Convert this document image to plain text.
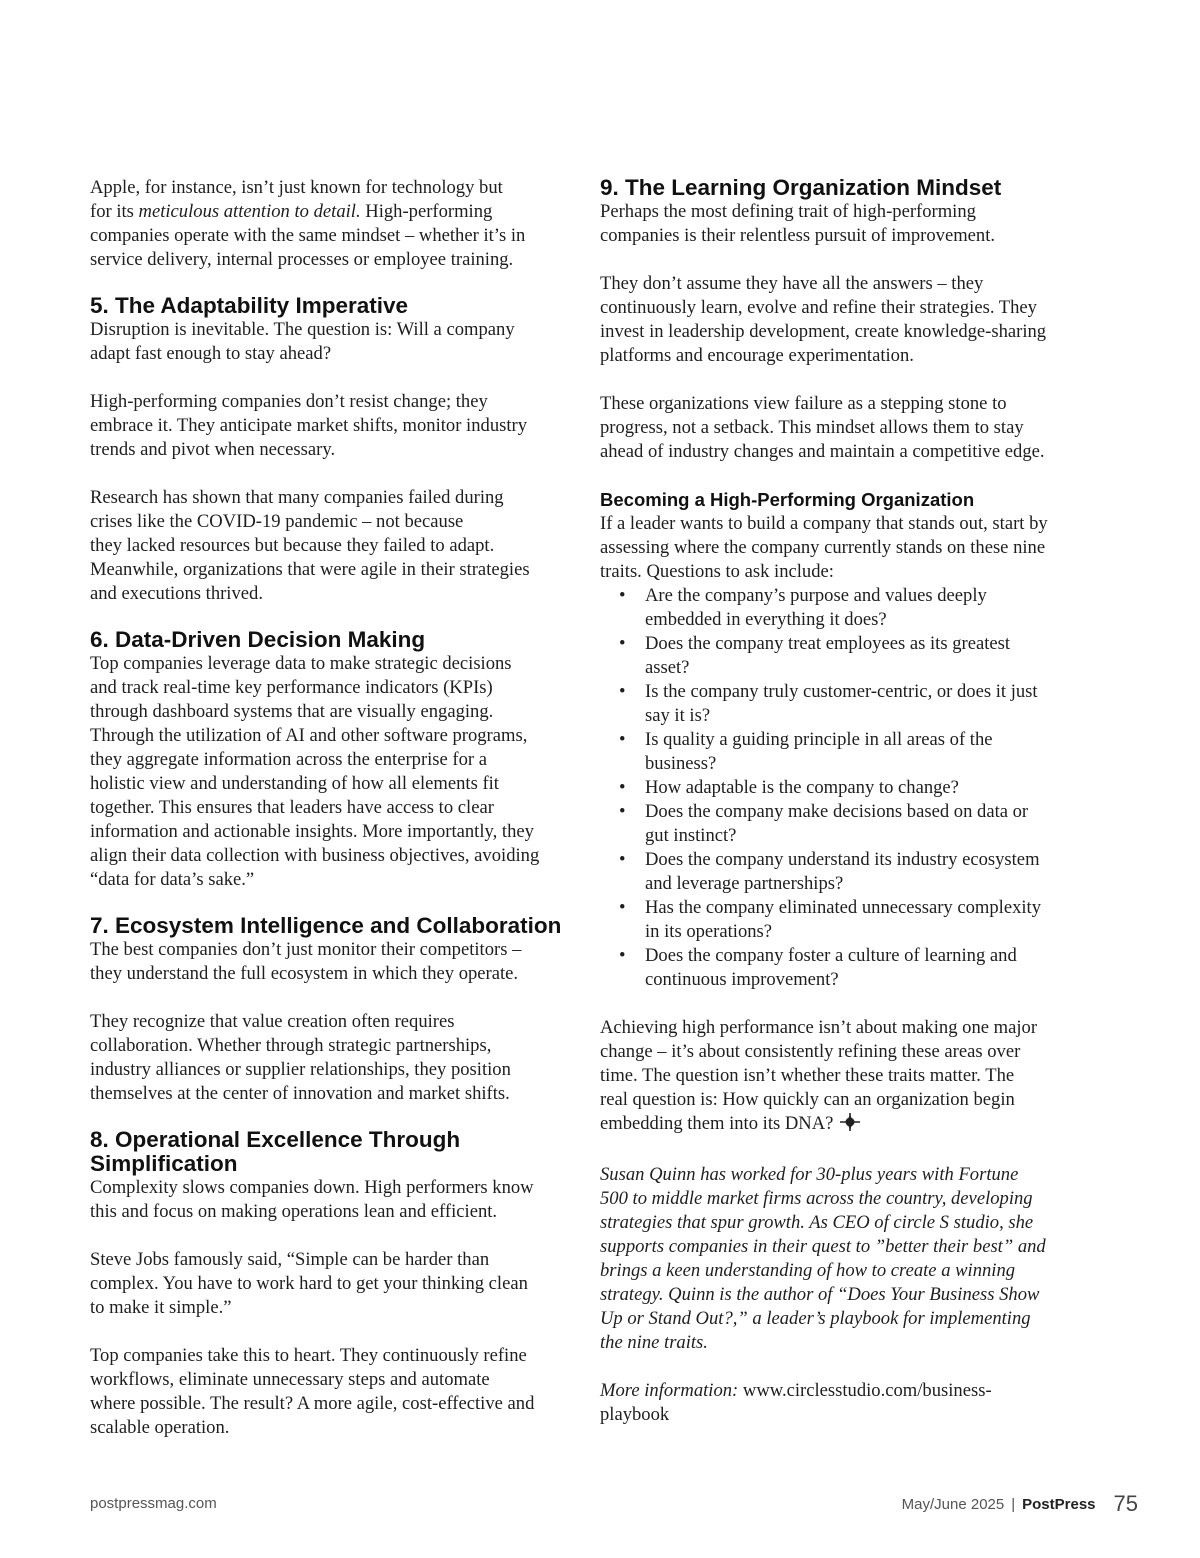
Apple, for instance, isn’t just known for technology but
for its meticulous attention to detail. High-performing
companies operate with the same mindset – whether it’s in
service delivery, internal processes or employee training.

5. The Adaptability Imperative

Disruption is inevitable. The question is: Will a company
adapt fast enough to stay ahead?

High-performing companies don’t resist change; they
embrace it. They anticipate market shifts, monitor industry
trends and pivot when necessary.

Research has shown that many companies failed during
crises like the COVID-19 pandemic – not because
they lacked resources but because they failed to adapt.
Meanwhile, organizations that were agile in their strategies
and executions thrived.

6. Data-Driven Decision Making

Top companies leverage data to make strategic decisions
and track real-time key performance indicators (KPIs)
through dashboard systems that are visually engaging.
Through the utilization of AI and other software programs,
they aggregate information across the enterprise for a
holistic view and understanding of how all elements fit
together. This ensures that leaders have access to clear
information and actionable insights. More importantly, they
align their data collection with business objectives, avoiding
“data for data’s sake.”

7. Ecosystem Intelligence and Collaboration

The best companies don’t just monitor their competitors –
they understand the full ecosystem in which they operate.

They recognize that value creation often requires
collaboration. Whether through strategic partnerships,
industry alliances or supplier relationships, they position
themselves at the center of innovation and market shifts.

8. Operational Excellence Through
Simplification

Complexity slows companies down. High performers know
this and focus on making operations lean and efficient.

Steve Jobs famously said, “Simple can be harder than
complex. You have to work hard to get your thinking clean
to make it simple.”

Top companies take this to heart. They continuously refine
workflows, eliminate unnecessary steps and automate
where possible. The result? A more agile, cost-effective and
scalable operation.

9. The Learning Organization Mindset

Perhaps the most defining trait of high-performing
companies is their relentless pursuit of improvement.

They don’t assume they have all the answers – they
continuously learn, evolve and refine their strategies. They
invest in leadership development, create knowledge-sharing
platforms and encourage experimentation.

These organizations view failure as a stepping stone to
progress, not a setback. This mindset allows them to stay
ahead of industry changes and maintain a competitive edge.

Becoming a High-Performing Organization

If a leader wants to build a company that stands out, start by
assessing where the company currently stands on these nine
traits. Questions to ask include:

• Are the company’s purpose and values deeply
embedded in everything it does?
• Does the company treat employees as its greatest
asset?
• Is the company truly customer-centric, or does it just
say it is?
• Is quality a guiding principle in all areas of the
business?
• How adaptable is the company to change?
• Does the company make decisions based on data or
gut instinct?
• Does the company understand its industry ecosystem
and leverage partnerships?
• Has the company eliminated unnecessary complexity
in its operations?
• Does the company foster a culture of learning and
continuous improvement?

Achieving high performance isn’t about making one major
change – it’s about consistently refining these areas over
time. The question isn’t whether these traits matter. The
real question is: How quickly can an organization begin
embedding them into its DNA?

Susan Quinn has worked for 30-plus years with Fortune
500 to middle market firms across the country, developing
strategies that spur growth. As CEO of circle S studio, she
supports companies in their quest to ”better their best” and
brings a keen understanding of how to create a winning
strategy. Quinn is the author of “Does Your Business Show
Up or Stand Out?,” a leader’s playbook for implementing
the nine traits.

More information: www.circlesstudio.com/business-
playbook

postpressmag.com	May/June 2025 | PostPress 75
